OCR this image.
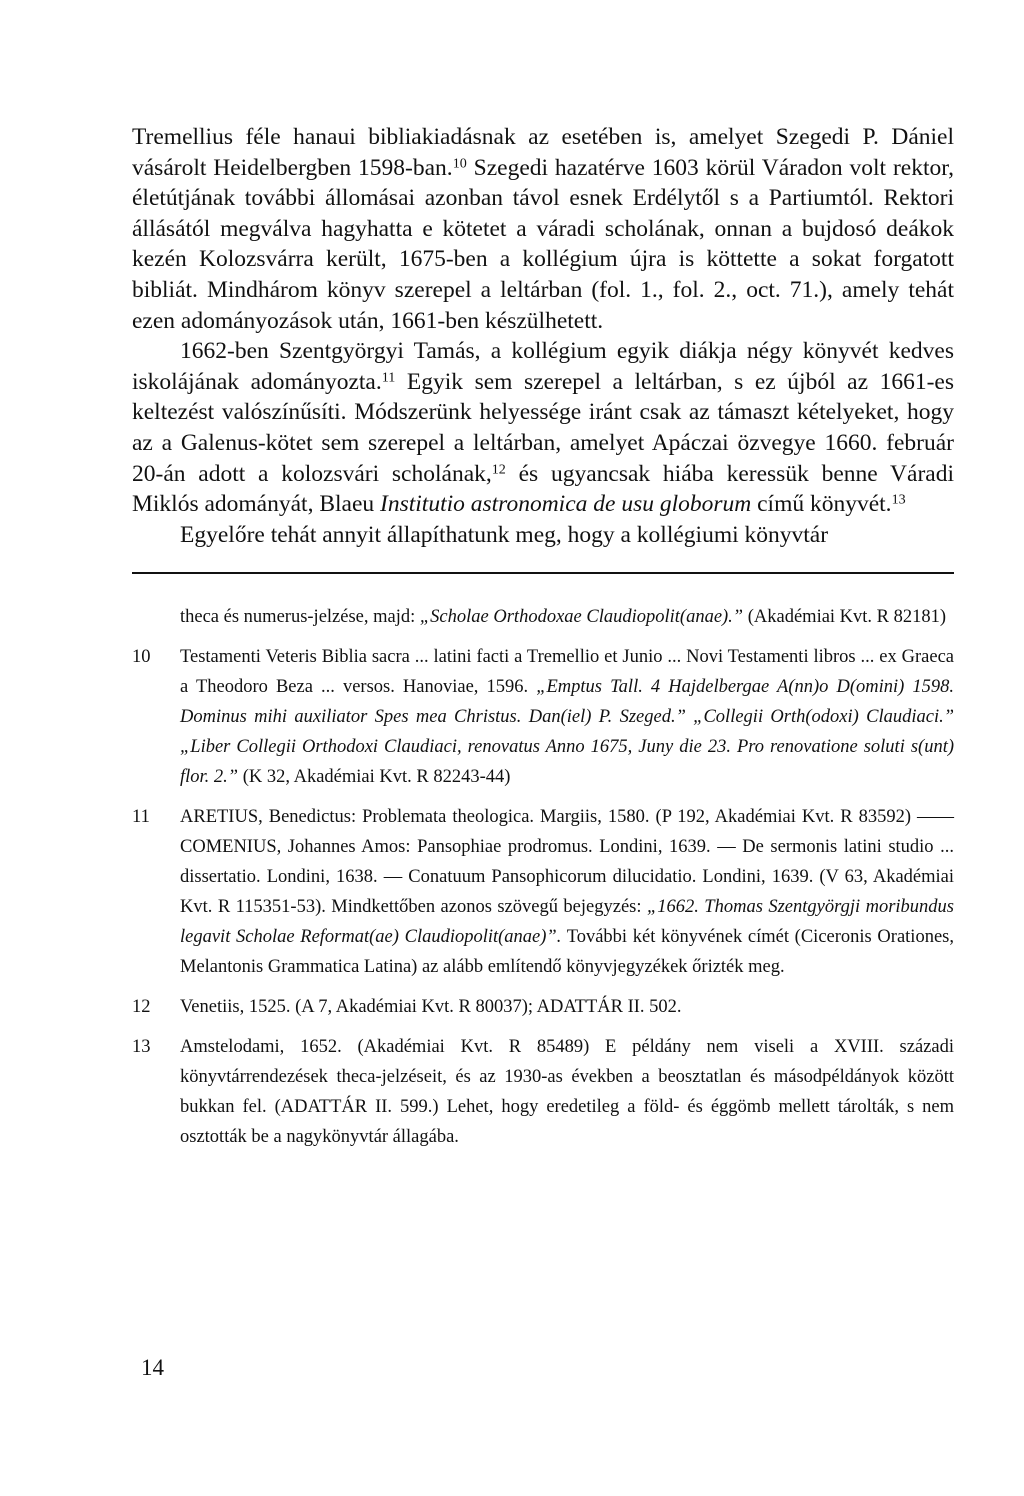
Tremellius féle hanaui bibliakiadásnak az esetében is, amelyet Szegedi P. Dániel vásárolt Heidelbergben 1598-ban.$^{10}$ Szegedi hazatérve 1603 körül Váradon volt rektor, életútjának további állomásai azonban távol esnek Erdélytől s a Partiumtól. Rektori állásától megválva hagyhatta e kötetet a váradi scholának, onnan a bujdosó deákok kezén Kolozsvárra került, 1675-ben a kollégium újra is köttette a sokat forgatott bibliát. Mindhárom könyv szerepel a leltárban (fol. 1., fol. 2., oct. 71.), amely tehát ezen adományozások után, 1661-ben készülhetett.

1662-ben Szentgyörgyi Tamás, a kollégium egyik diákja négy könyvét kedves iskolájának adományozta.$^{11}$ Egyik sem szerepel a leltárban, s ez újból az 1661-es keltezést valószínűsíti. Módszerünk helyessége iránt csak az támaszt kételyeket, hogy az a Galenus-kötet sem szerepel a leltárban, amelyet Apáczai özvegye 1660. február 20-án adott a kolozsvári scholának,$^{12}$ és ugyancsak hiába keressük benne Váradi Miklós adományát, Blaeu Institutio astronomica de usu globorum című könyvét.$^{13}$

Egyelőre tehát annyit állapíthatunk meg, hogy a kollégiumi könyvtár

theca és numerus-jelzése, majd: „Scholae Orthodoxae Claudiopolit(anae).” (Akadémiai Kvt. R 82181)
10 Testamenti Veteris Biblia sacra ... latini facti a Tremellio et Junio ... Novi Testamenti libros ... ex Graeca a Theodoro Beza ... versos. Hanoviae, 1596. „Emptus Tall. 4 Hajdelbergae A(nn)o D(omini) 1598. Dominus mihi auxiliator Spes mea Christus. Dan(iel) P. Szeged.” „Collegii Orth(odoxi) Claudiaci.” „Liber Collegii Orthodoxi Claudiaci, renovatus Anno 1675, Juny die 23. Pro renovatione soluti s(unt) flor. 2.” (K 32, Akadémiai Kvt. R 82243-44)
11 ARETIUS, Benedictus: Problemata theologica. Margiis, 1580. (P 192, Akadémiai Kvt. R 83592) —— COMENIUS, Johannes Amos: Pansophiae prodromus. Londini, 1639. — De sermonis latini studio ... dissertatio. Londini, 1638. — Conatuum Pansophicorum dilucidatio. Londini, 1639. (V 63, Akadémiai Kvt. R 115351-53). Mindkettőben azonos szövegű bejegyzés: „1662. Thomas Szentgyörgji moribundus legavit Scholae Reformat(ae) Claudiopolit(anae)”. További két könyvének címét (Ciceronis Orationes, Melantonis Grammatica Latina) az alább említendő könyvjegyzékek őrizték meg.
12 Venetiis, 1525. (A 7, Akadémiai Kvt. R 80037); ADATTÁR II. 502.
13 Amstelodami, 1652. (Akadémiai Kvt. R 85489) E példány nem viseli a XVIII. századi könyvtárrendezések theca-jelzéseit, és az 1930-as években a beosztatlan és másodpéldányok között bukkan fel. (ADATTÁR II. 599.) Lehet, hogy eredetileg a föld- és éggömb mellett tárolták, s nem osztották be a nagykönyvtár állagába.
14
